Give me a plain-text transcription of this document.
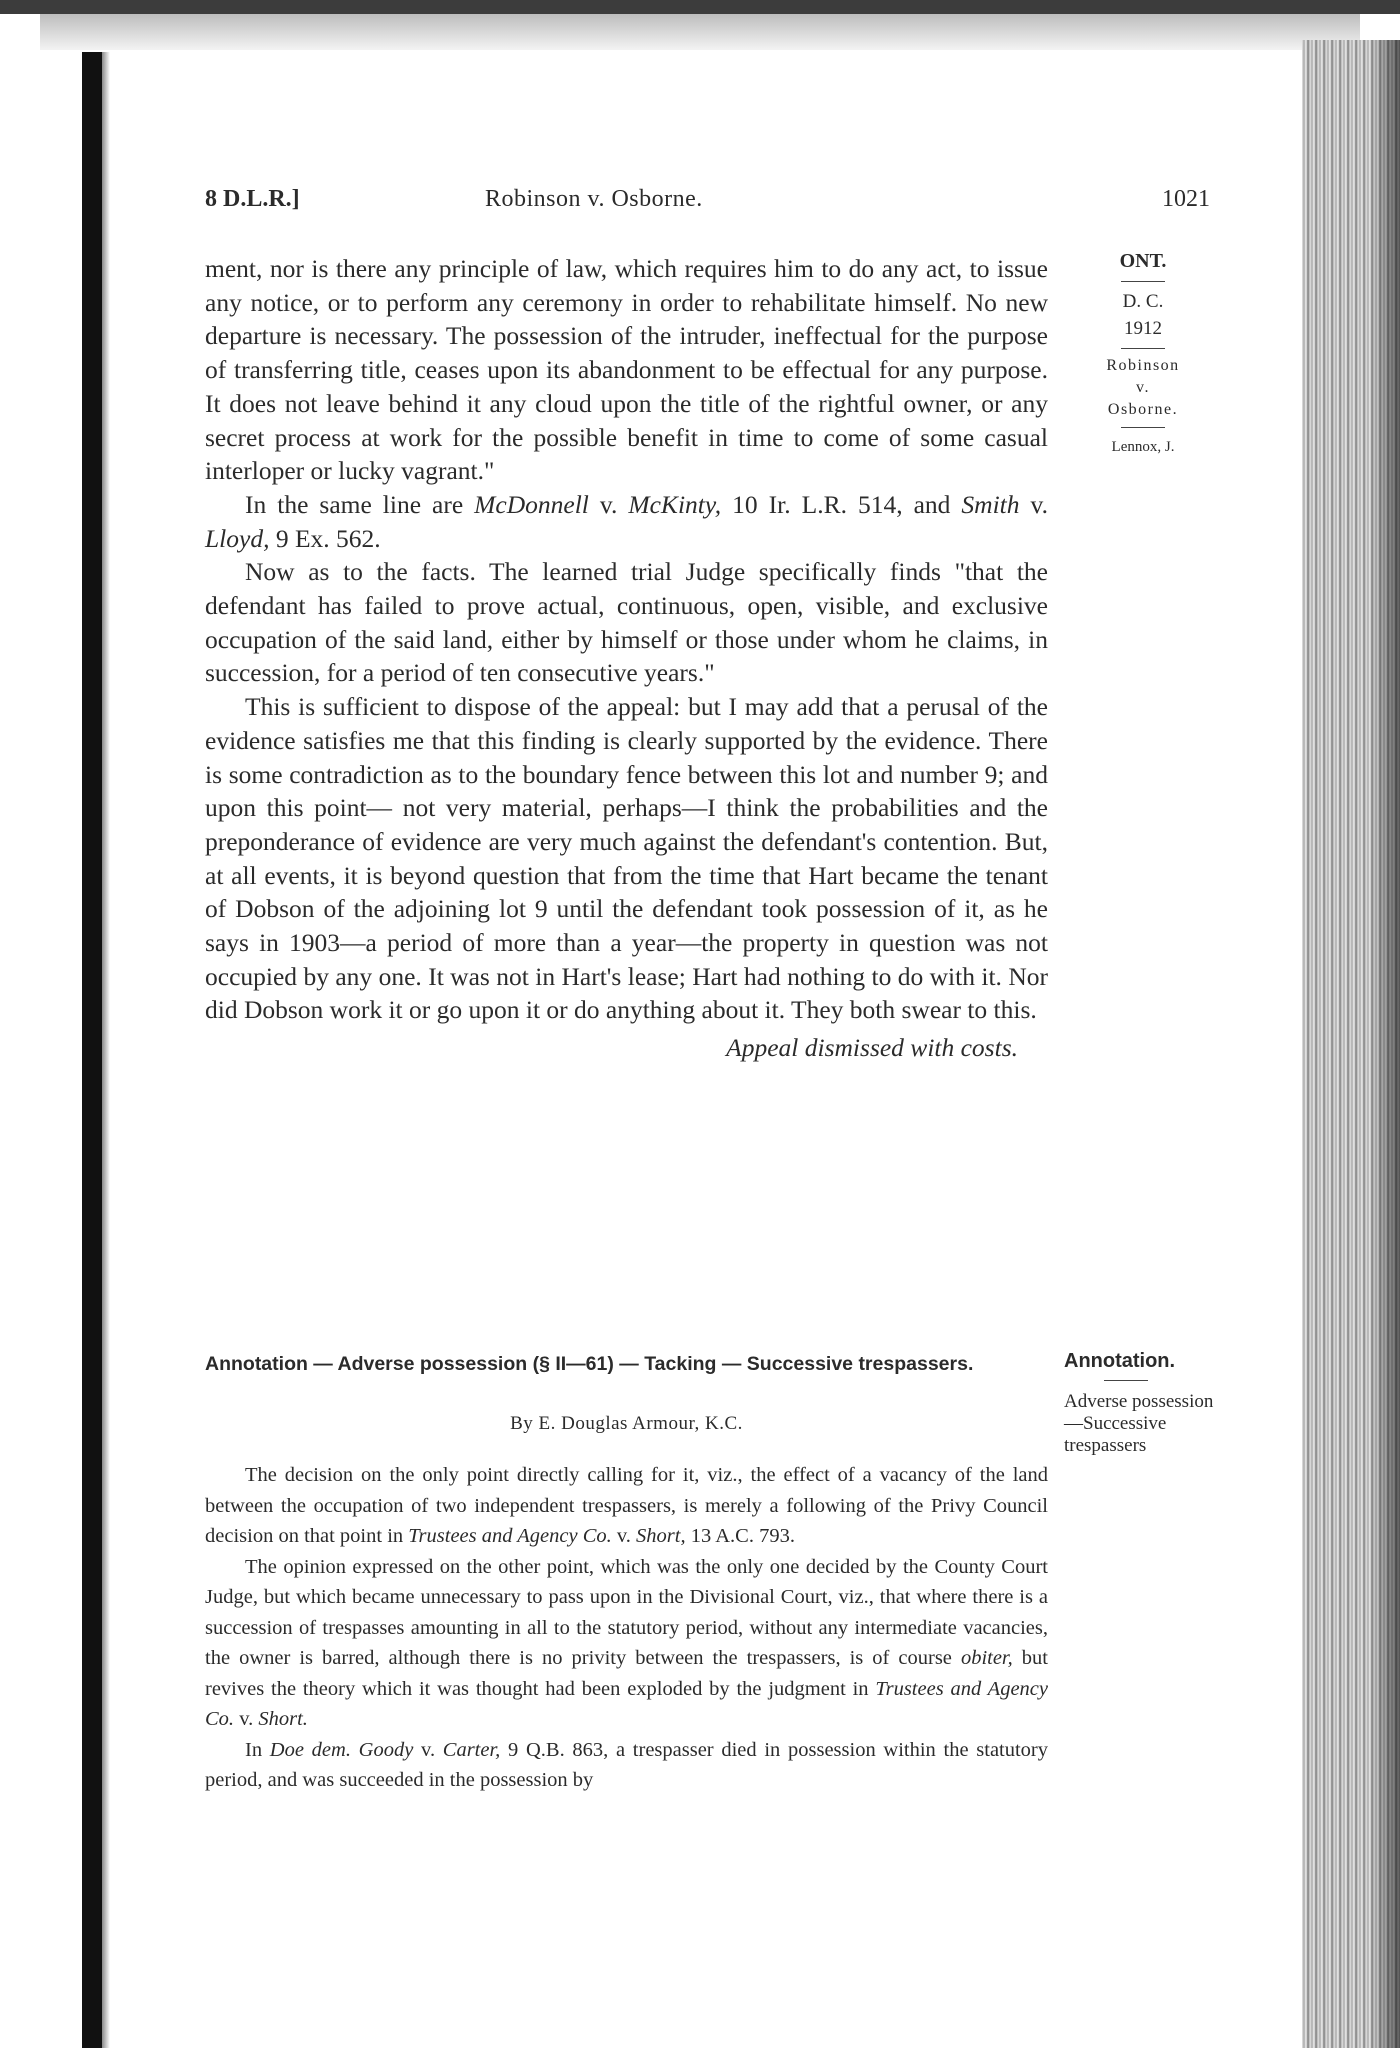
8 D.L.R.]	Robinson v. Osborne.	1021
ONT.
D. C.
1912
Robinson
v.
Osborne.
Lennox, J.

ment, nor is there any principle of law, which requires him to do any act, to issue any notice, or to perform any ceremony in order to rehabilitate himself. No new departure is necessary. The possession of the intruder, ineffectual for the purpose of transferring title, ceases upon its abandonment to be effectual for any purpose. It does not leave behind it any cloud upon the title of the rightful owner, or any secret process at work for the possible benefit in time to come of some casual interloper or lucky vagrant."

In the same line are McDonnell v. McKinty, 10 Ir. L.R. 514, and Smith v. Lloyd, 9 Ex. 562.

Now as to the facts. The learned trial Judge specifically finds "that the defendant has failed to prove actual, continuous, open, visible, and exclusive occupation of the said land, either by himself or those under whom he claims, in succession, for a period of ten consecutive years."

This is sufficient to dispose of the appeal: but I may add that a perusal of the evidence satisfies me that this finding is clearly supported by the evidence. There is some contradiction as to the boundary fence between this lot and number 9; and upon this point— not very material, perhaps—I think the probabilities and the preponderance of evidence are very much against the defendant's contention. But, at all events, it is beyond question that from the time that Hart became the tenant of Dobson of the adjoining lot 9 until the defendant took possession of it, as he says in 1903—a period of more than a year—the property in question was not occupied by any one. It was not in Hart's lease; Hart had nothing to do with it. Nor did Dobson work it or go upon it or do anything about it. They both swear to this.

Appeal dismissed with costs.

Annotation — Adverse possession (§ II—61) — Tacking — Successive trespassers.
By E. Douglas Armour, K.C.

The decision on the only point directly calling for it, viz., the effect of a vacancy of the land between the occupation of two independent trespassers, is merely a following of the Privy Council decision on that point in Trustees and Agency Co. v. Short, 13 A.C. 793.

The opinion expressed on the other point, which was the only one decided by the County Court Judge, but which became unnecessary to pass upon in the Divisional Court, viz., that where there is a succession of trespasses amounting in all to the statutory period, without any intermediate vacancies, the owner is barred, although there is no privity between the trespassers, is of course obiter, but revives the theory which it was thought had been exploded by the judgment in Trustees and Agency Co. v. Short.

In Doe dem. Goody v. Carter, 9 Q.B. 863, a trespasser died in possession within the statutory period, and was succeeded in the possession by

Annotation.
Adverse possession—Successive trespassers
